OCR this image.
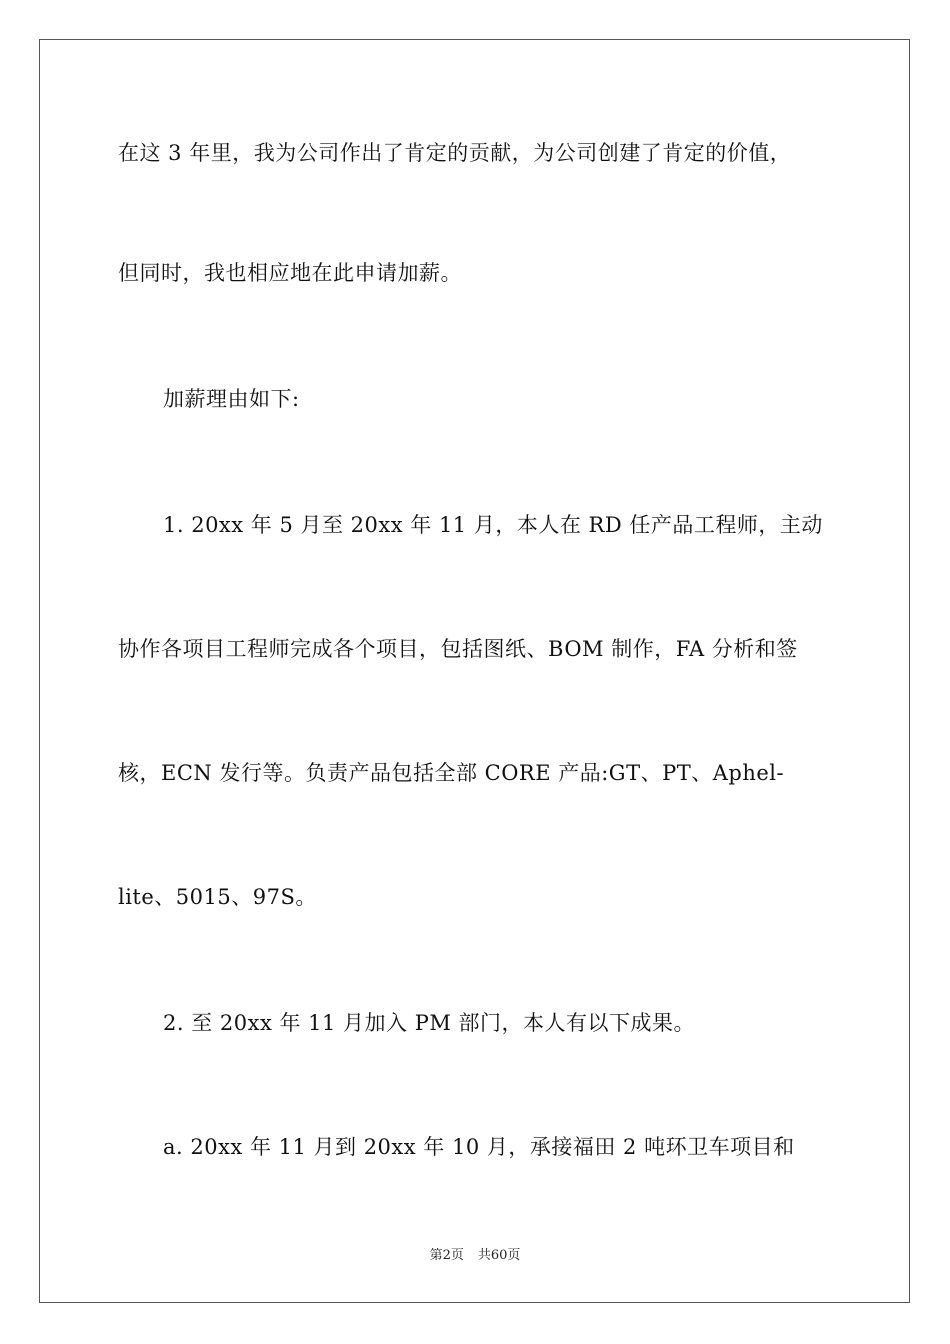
在这 3 年里，我为公司作出了肯定的贡献，为公司创建了肯定的价值，
但同时，我也相应地在此申请加薪。
加薪理由如下:
1. 20xx 年 5 月至 20xx 年 11 月，本人在 RD 任产品工程师，主动
协作各项目工程师完成各个项目，包括图纸、BOM 制作，FA 分析和签
核，ECN 发行等。负责产品包括全部 CORE 产品:GT、PT、Aphel-
lite、5015、97S。
2. 至 20xx 年 11 月加入 PM 部门，本人有以下成果。
a. 20xx 年 11 月到 20xx 年 10 月，承接福田 2 吨环卫车项目和
第2页 共60页
